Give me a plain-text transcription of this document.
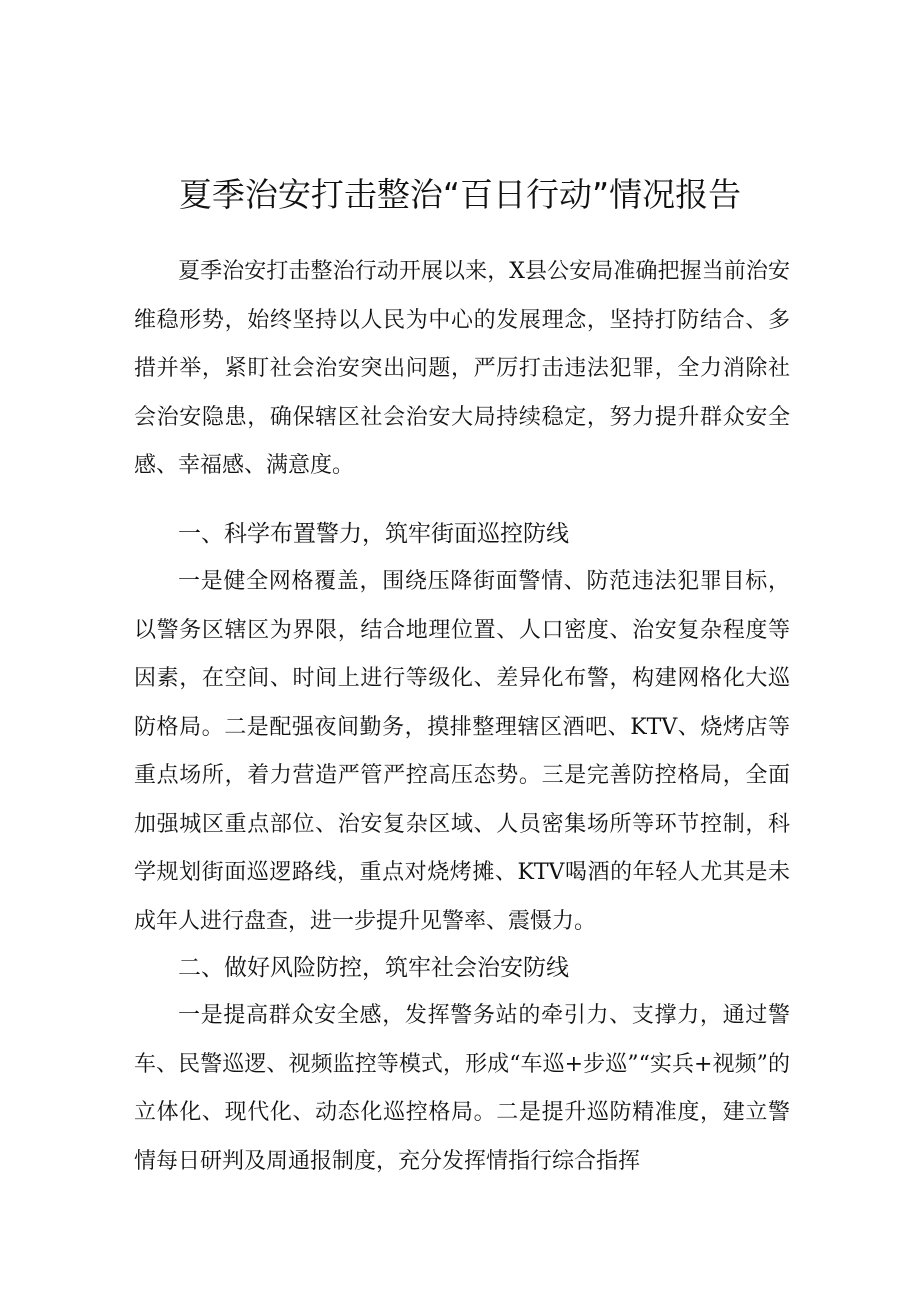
夏季治安打击整治“百日行动”情况报告

夏季治安打击整治行动开展以来，X县公安局准确把握当前治安维稳形势，始终坚持以人民为中心的发展理念，坚持打防结合、多措并举，紧盯社会治安突出问题，严厉打击违法犯罪，全力消除社会治安隐患，确保辖区社会治安大局持续稳定，努力提升群众安全感、幸福感、满意度。

一、科学布置警力，筑牢街面巡控防线

一是健全网格覆盖，围绕压降街面警情、防范违法犯罪目标，以警务区辖区为界限，结合地理位置、人口密度、治安复杂程度等因素，在空间、时间上进行等级化、差异化布警，构建网格化大巡防格局。二是配强夜间勤务，摸排整理辖区酒吧、KTV、烧烤店等重点场所，着力营造严管严控高压态势。三是完善防控格局，全面加强城区重点部位、治安复杂区域、人员密集场所等环节控制，科学规划街面巡逻路线，重点对烧烤摊、KTV喝酒的年轻人尤其是未成年人进行盘查，进一步提升见警率、震慑力。

二、做好风险防控，筑牢社会治安防线

一是提高群众安全感，发挥警务站的牵引力、支撑力，通过警车、民警巡逻、视频监控等模式，形成“车巡+步巡”“实兵+视频”的立体化、现代化、动态化巡控格局。二是提升巡防精准度，建立警情每日研判及周通报制度，充分发挥情指行综合指挥
